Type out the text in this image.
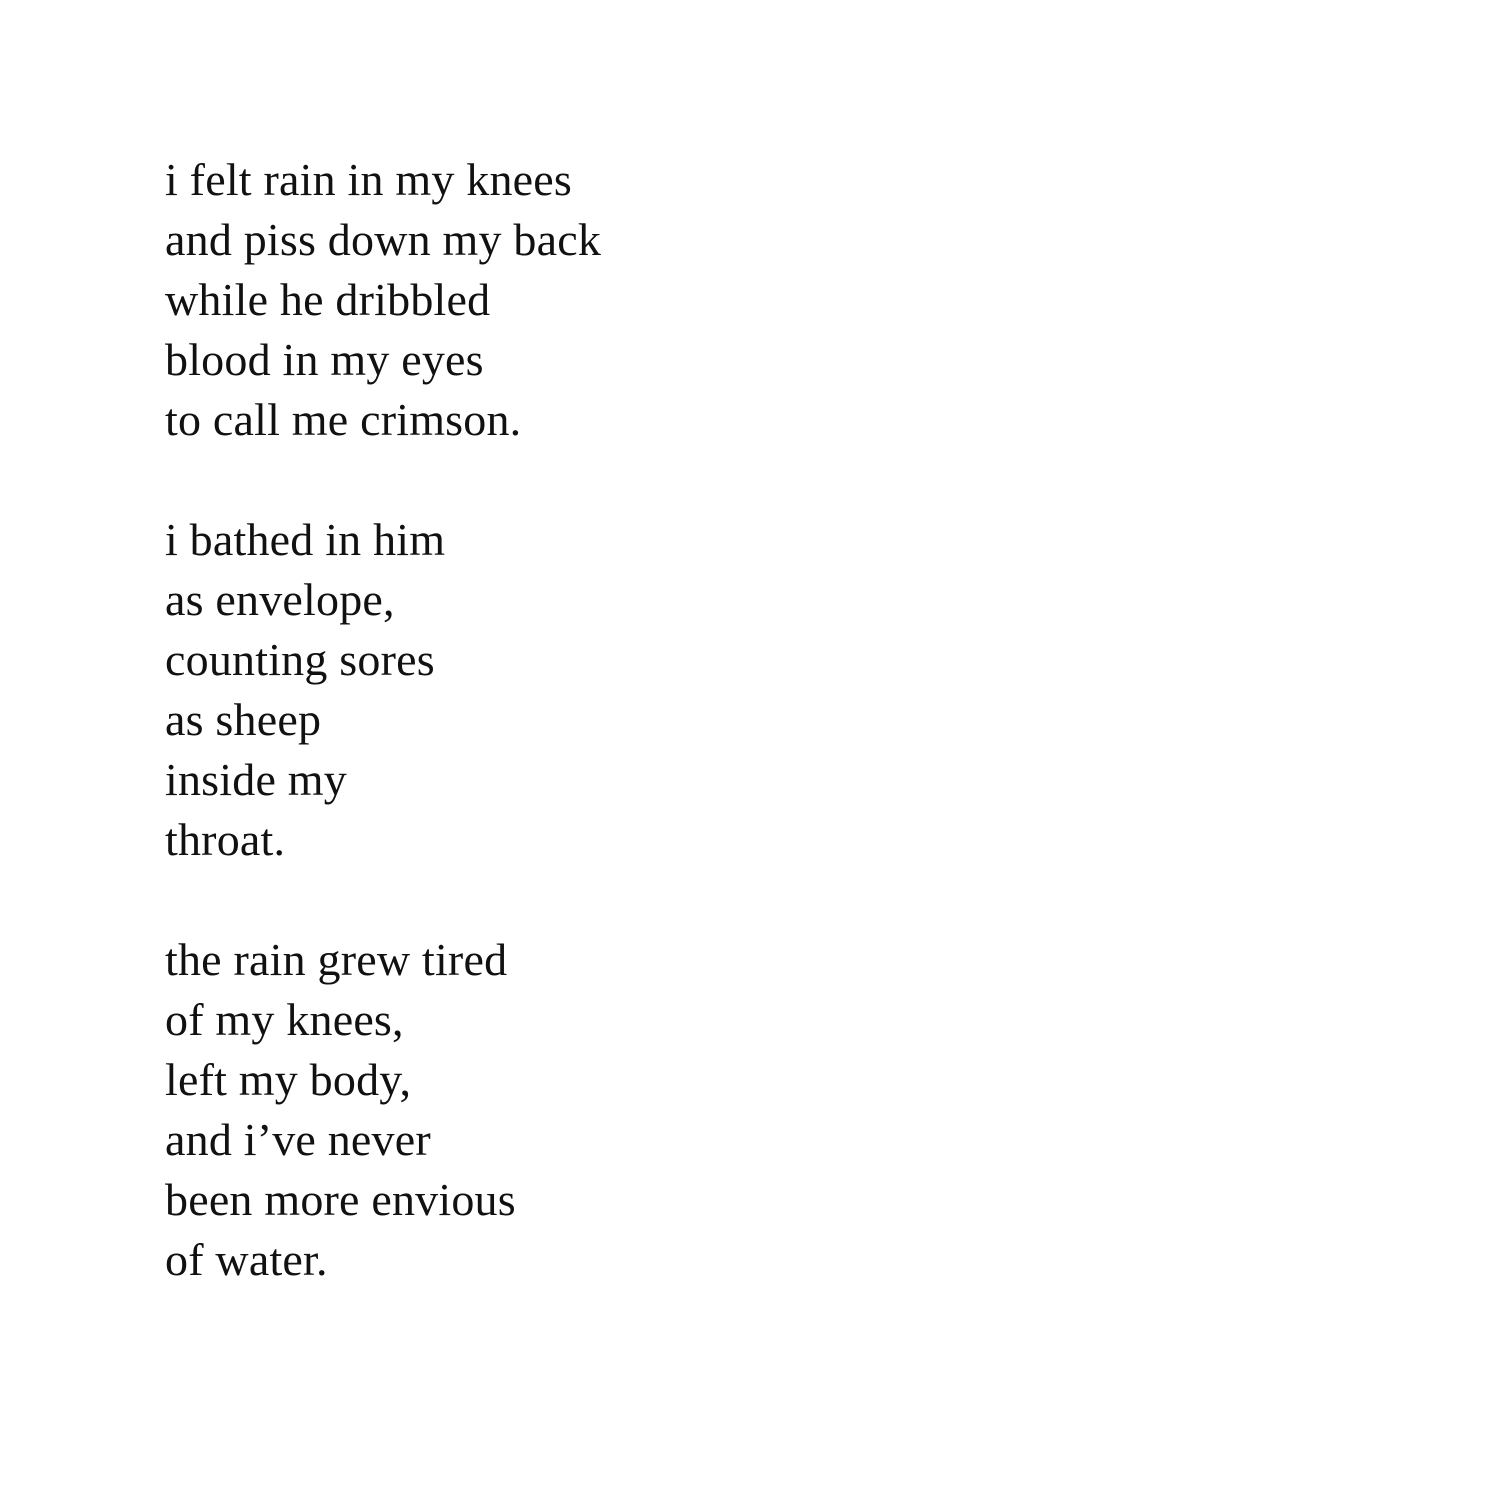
i felt rain in my knees
and piss down my back
while he dribbled
blood in my eyes
to call me crimson.
i bathed in him
as envelope,
counting sores
as sheep
inside my
throat.
the rain grew tired
of my knees,
left my body,
and i’ve never
been more envious
of water.
